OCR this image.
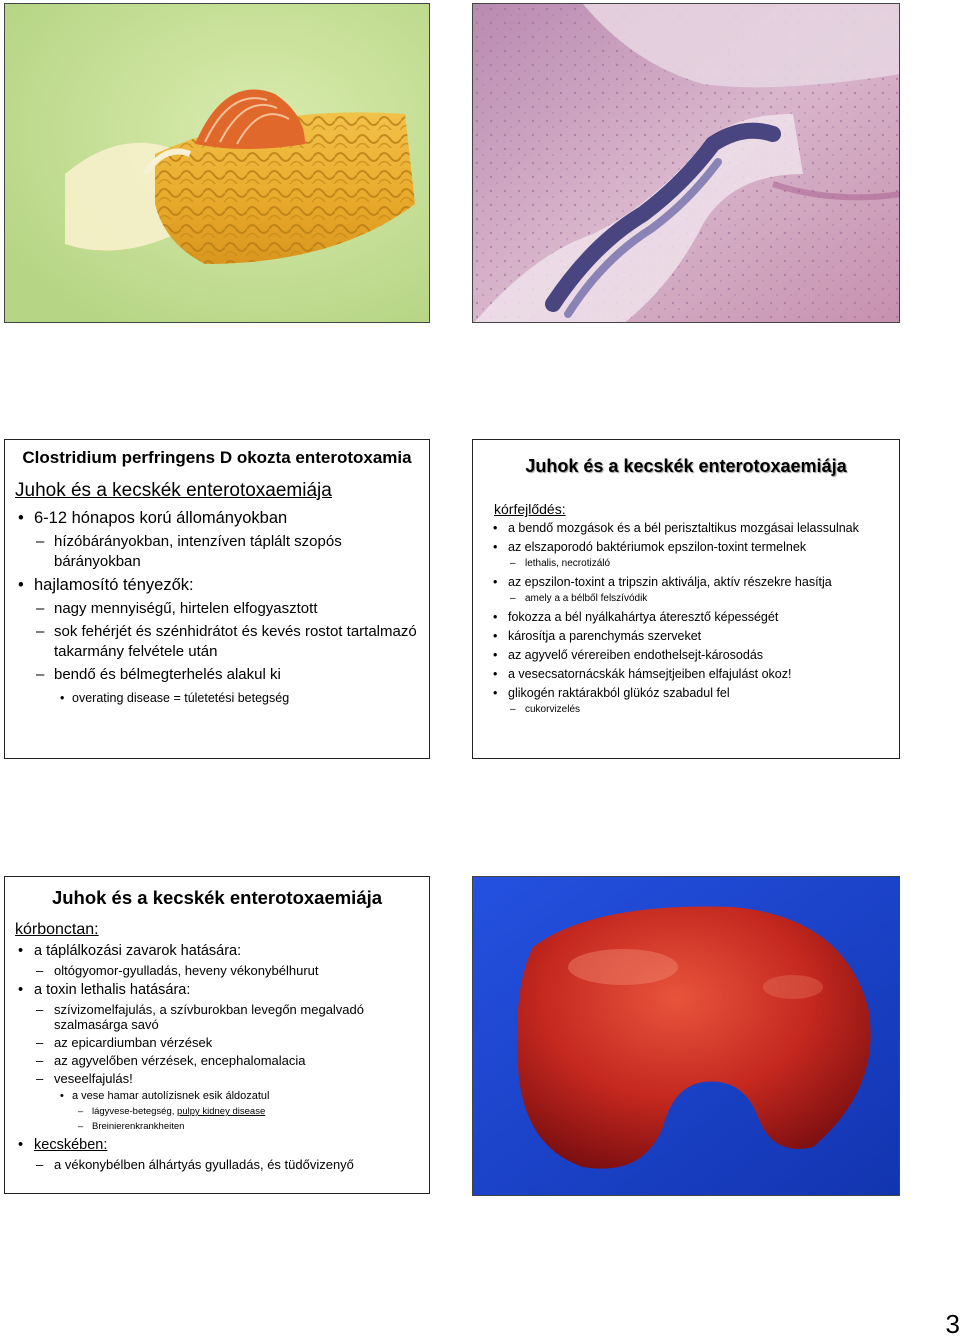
Clostridium perfringens D okozta enterotoxamia
Juhok és a kecskék enterotoxaemiája
• 6-12 hónapos korú állományokban
– hízóbárányokban, intenzíven táplált szopós bárányokban
• hajlamosító tényezők:
– nagy mennyiségű, hirtelen elfogyasztott
– sok fehérjét és szénhidrátot és kevés rostot tartalmazó takarmány felvétele után
– bendő és bélmegterhelés alakul ki
• overating disease = túletetési betegség
Juhok és a kecskék enterotoxaemiája
kórfejlődés:
• a bendő mozgások és a bél perisztaltikus mozgásai lelassulnak
• az elszaporodó baktériumok epszilon-toxint termelnek
– lethalis, necrotizáló
• az epszilon-toxint a tripszin aktiválja, aktív részekre hasítja
– amely a a bélből felszívódik
• fokozza a bél nyálkahártya áteresztő képességét
• károsítja a parenchymás szerveket
• az agyvelő vérereiben endothelsejt-károsodás
• a vesecsatornácskák hámsejtjeiben elfajulást okoz!
• glikogén raktárakból glükóz szabadul fel
– cukorvizelés
Juhok és a kecskék enterotoxaemiája
kórbonctan:
• a táplálkozási zavarok hatására:
– oltógyomor-gyulladás, heveny vékonybélhurut
• a toxin lethalis hatására:
– szívizomelfajulás, a szívburokban levegőn megalvadó szalmasárga savó
– az epicardiumban vérzések
– az agyvelőben vérzések, encephalomalacia
– veseelfajulás!
• a vese hamar autolízisnek esik áldozatul
– lágyvese-betegség, pulpy kidney disease
– Breinierenkrankheiten
• kecskében:
– a vékonybélben álhártyás gyulladás, és tüdővizenyő
3
